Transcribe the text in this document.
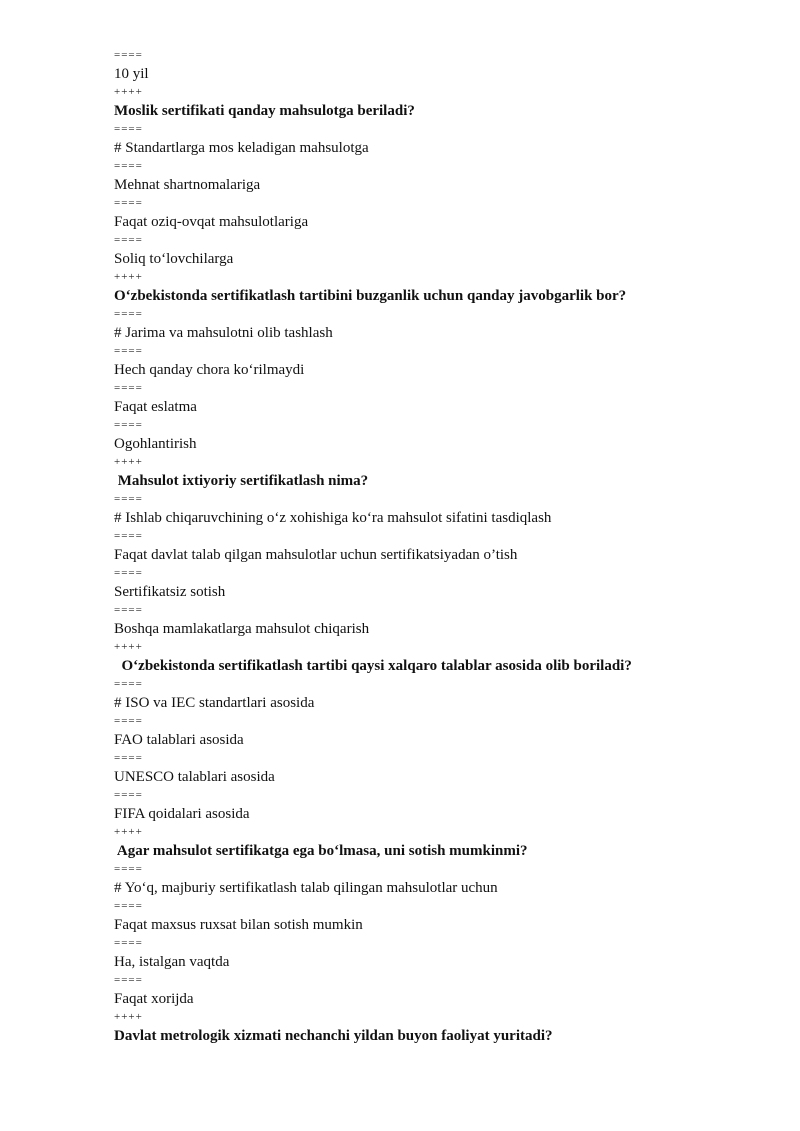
====
10 yil
++++
Moslik sertifikati qanday mahsulotga beriladi?
====
# Standartlarga mos keladigan mahsulotga
====
Mehnat shartnomalariga
====
Faqat oziq-ovqat mahsulotlariga
====
Soliq to‘lovchilarga
++++
O‘zbekistonda sertifikatlash tartibini buzganlik uchun qanday javobgarlik bor?
====
# Jarima va mahsulotni olib tashlash
====
Hech qanday chora ko‘rilmaydi
====
Faqat eslatma
====
Ogohlantirish
++++
Mahsulot ixtiyoriy sertifikatlash nima?
====
# Ishlab chiqaruvchining o‘z xohishiga ko‘ra mahsulot sifatini tasdiqlash
====
Faqat davlat talab qilgan mahsulotlar uchun sertifikatsiyadan o’tish
====
Sertifikatsiz sotish
====
Boshqa mamlakatlarga mahsulot chiqarish
++++
O‘zbekistonda sertifikatlash tartibi qaysi xalqaro talablar asosida olib boriladi?
====
# ISO va IEC standartlari asosida
====
FAO talablari asosida
====
UNESCO talablari asosida
====
FIFA qoidalari asosida
++++
Agar mahsulot sertifikatga ega bo‘lmasa, uni sotish mumkinmi?
====
# Yo‘q, majburiy sertifikatlash talab qilingan mahsulotlar uchun
====
Faqat maxsus ruxsat bilan sotish mumkin
====
Ha, istalgan vaqtda
====
Faqat xorijda
++++
Davlat metrologik xizmati nechanchi yildan buyon faoliyat yuritadi?
